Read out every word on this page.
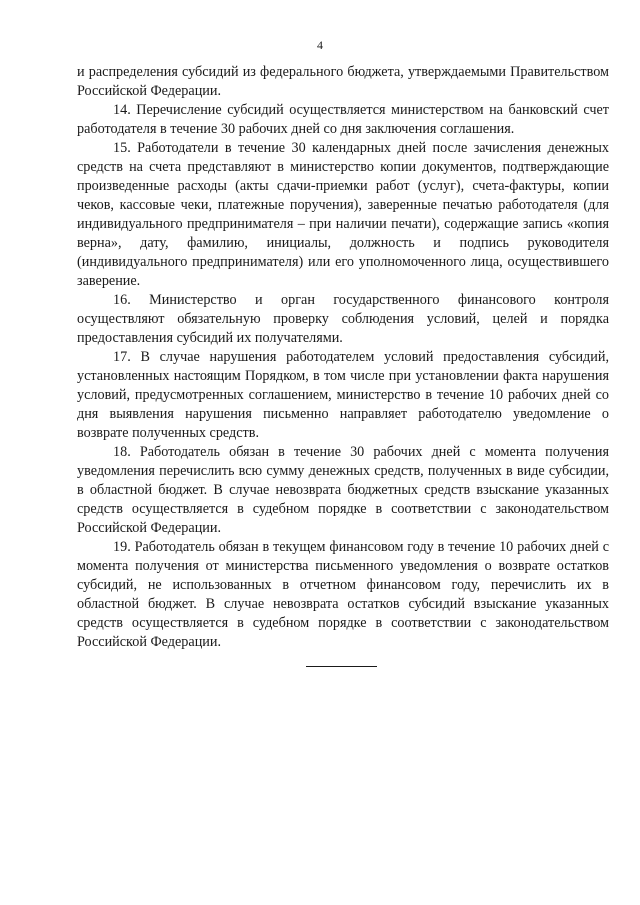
4

и распределения субсидий из федерального бюджета, утверждаемыми Правительством Российской Федерации.

14. Перечисление субсидий осуществляется министерством на банковский счет работодателя в течение 30 рабочих дней со дня заключения соглашения.

15. Работодатели в течение 30 календарных дней после зачисления денежных средств на счета представляют в министерство копии документов, подтверждающие произведенные расходы (акты сдачи-приемки работ (услуг), счета-фактуры, копии чеков, кассовые чеки, платежные поручения), заверенные печатью работодателя (для индивидуального предпринимателя – при наличии печати), содержащие запись «копия верна», дату, фамилию, инициалы, должность и подпись руководителя (индивидуального предпринимателя) или его уполномоченного лица, осуществившего заверение.

16. Министерство и орган государственного финансового контроля осуществляют обязательную проверку соблюдения условий, целей и порядка предоставления субсидий их получателями.

17. В случае нарушения работодателем условий предоставления субсидий, установленных настоящим Порядком, в том числе при установлении факта нарушения условий, предусмотренных соглашением, министерство в течение 10 рабочих дней со дня выявления нарушения письменно направляет работодателю уведомление о возврате полученных средств.

18. Работодатель обязан в течение 30 рабочих дней с момента получения уведомления перечислить всю сумму денежных средств, полученных в виде субсидии, в областной бюджет. В случае невозврата бюджетных средств взыскание указанных средств осуществляется в судебном порядке в соответствии с законодательством Российской Федерации.

19. Работодатель обязан в текущем финансовом году в течение 10 рабочих дней с момента получения от министерства письменного уведомления о возврате остатков субсидий, не использованных в отчетном финансовом году, перечислить их в областной бюджет. В случае невозврата остатков субсидий взыскание указанных средств осуществляется в судебном порядке в соответствии с законодательством Российской Федерации.
